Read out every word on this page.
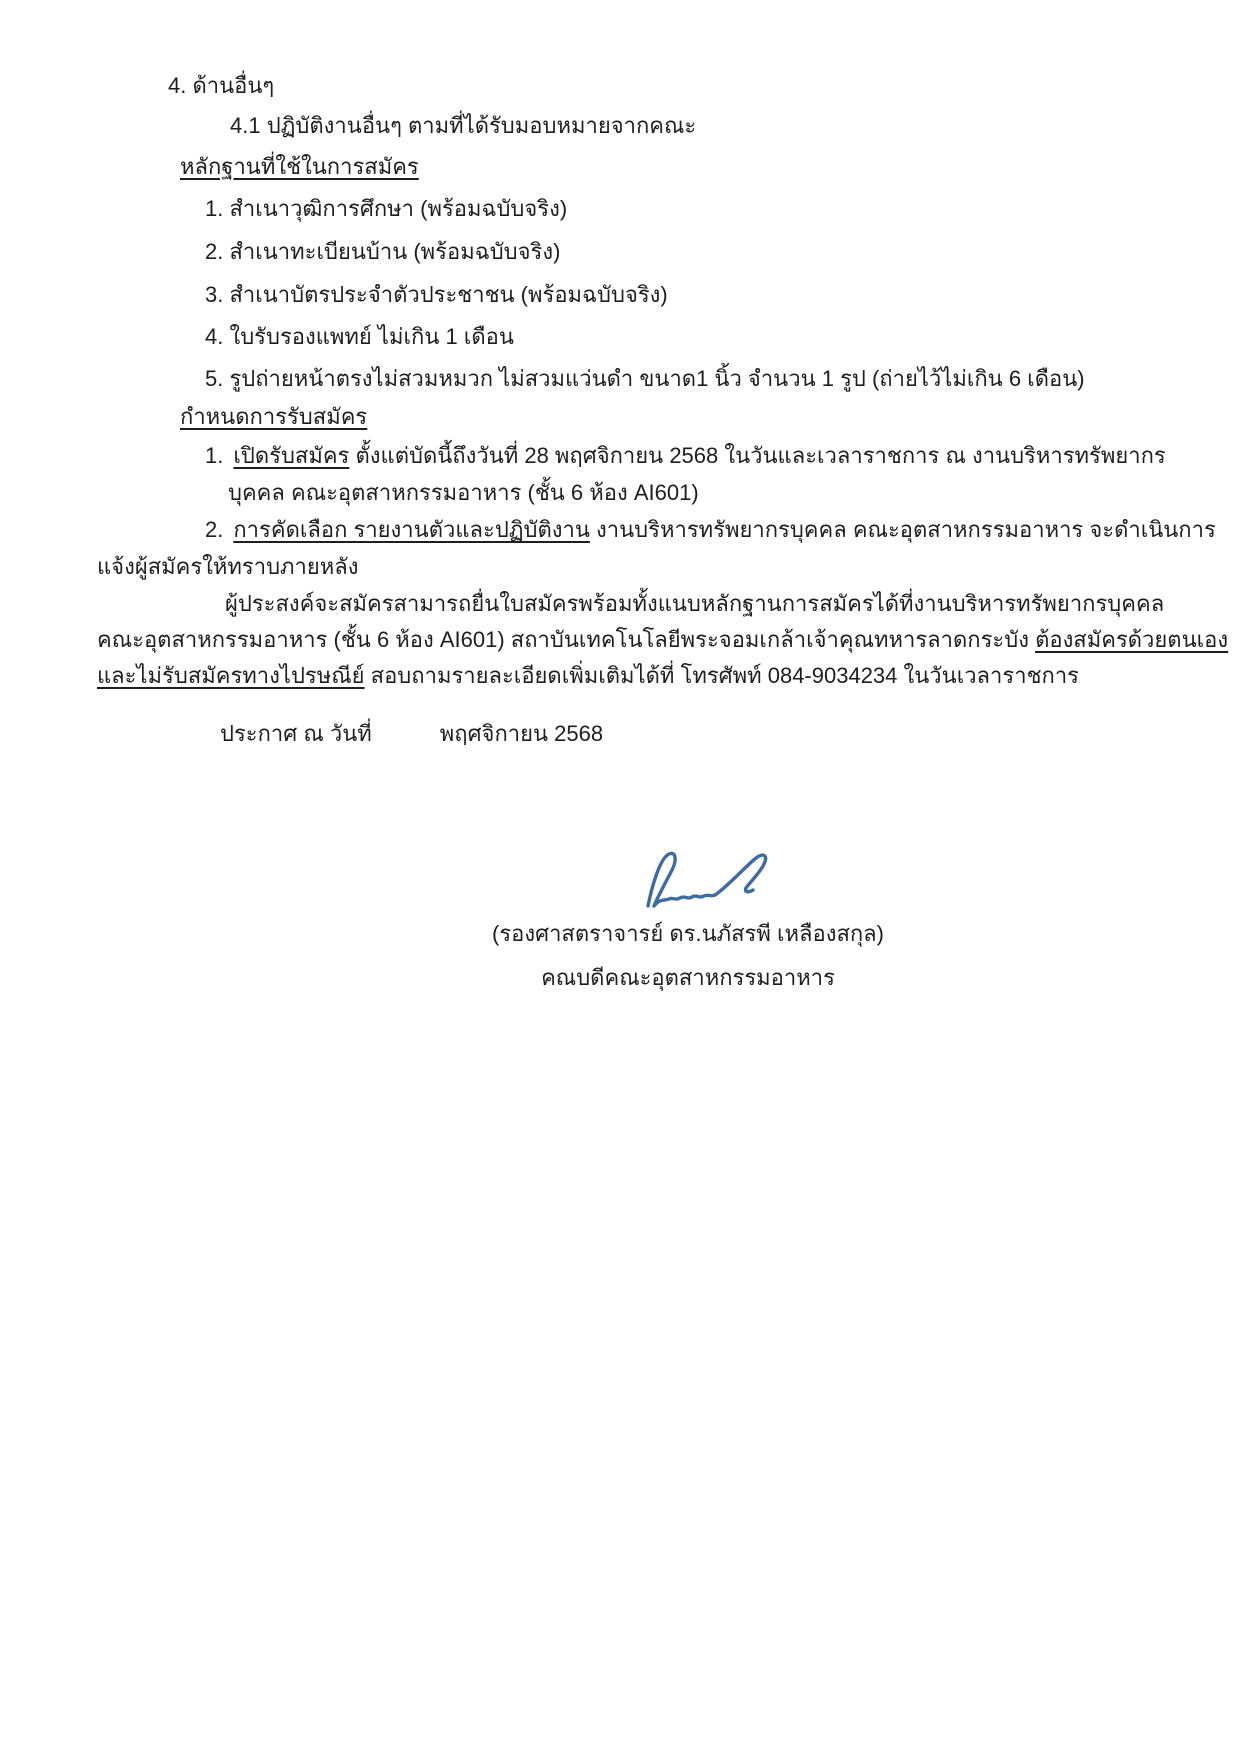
4. ด้านอื่นๆ
4.1 ปฏิบัติงานอื่นๆ ตามที่ได้รับมอบหมายจากคณะ
หลักฐานที่ใช้ในการสมัคร
1. สำเนาวุฒิการศึกษา (พร้อมฉบับจริง)
2. สำเนาทะเบียนบ้าน (พร้อมฉบับจริง)
3. สำเนาบัตรประจำตัวประชาชน (พร้อมฉบับจริง)
4. ใบรับรองแพทย์ ไม่เกิน 1 เดือน
5. รูปถ่ายหน้าตรงไม่สวมหมวก ไม่สวมแว่นดำ ขนาด1 นิ้ว จำนวน 1 รูป (ถ่ายไว้ไม่เกิน 6 เดือน)
กำหนดการรับสมัคร
1. เปิดรับสมัคร ตั้งแต่บัดนี้ถึงวันที่ 28 พฤศจิกายน 2568 ในวันและเวลาราชการ ณ งานบริหารทรัพยากร
บุคคล คณะอุตสาหกรรมอาหาร (ชั้น 6 ห้อง AI601)
2. การคัดเลือก รายงานตัวและปฏิบัติงาน งานบริหารทรัพยากรบุคคล คณะอุตสาหกรรมอาหาร จะดำเนินการ
แจ้งผู้สมัครให้ทราบภายหลัง
ผู้ประสงค์จะสมัครสามารถยื่นใบสมัครพร้อมทั้งแนบหลักฐานการสมัครได้ที่งานบริหารทรัพยากรบุคคล
คณะอุตสาหกรรมอาหาร (ชั้น 6 ห้อง AI601) สถาบันเทคโนโลยีพระจอมเกล้าเจ้าคุณทหารลาดกระบัง ต้องสมัครด้วยตนเอง
และไม่รับสมัครทางไปรษณีย์ สอบถามรายละเอียดเพิ่มเติมได้ที่ โทรศัพท์ 084-9034234 ในวันเวลาราชการ
ประกาศ ณ วันที่	พฤศจิกายน 2568
(รองศาสตราจารย์ ดร.นภัสรพี เหลืองสกุล)
คณบดีคณะอุตสาหกรรมอาหาร
